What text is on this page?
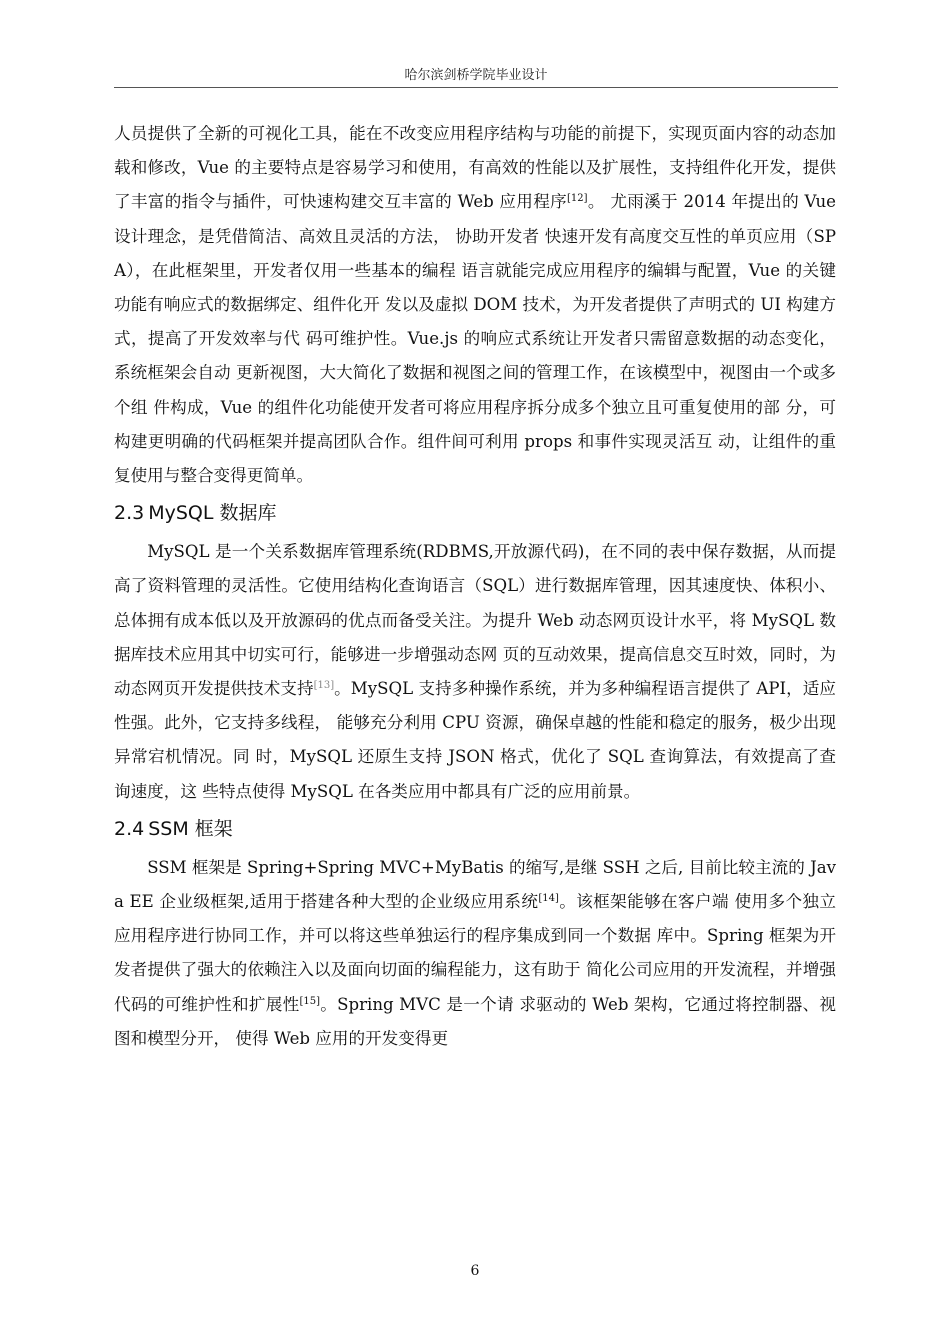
哈尔滨剑桥学院毕业设计

人员提供了全新的可视化工具，能在不改变应用程序结构与功能的前提下，实现页面内容的动态加载和修改，Vue 的主要特点是容易学习和使用，有高效的性能以及扩展性，支持组件化开发，提供了丰富的指令与插件，可快速构建交互丰富的 Web 应用程序[12]。 尤雨溪于 2014 年提出的 Vue 设计理念，是凭借简洁、高效且灵活的方法， 协助开发者 快速开发有高度交互性的单页应用（SPA），在此框架里，开发者仅用一些基本的编程 语言就能完成应用程序的编辑与配置，Vue 的关键功能有响应式的数据绑定、组件化开 发以及虚拟 DOM 技术，为开发者提供了声明式的 UI 构建方式，提高了开发效率与代 码可维护性。Vue.js 的响应式系统让开发者只需留意数据的动态变化，系统框架会自动 更新视图，大大简化了数据和视图之间的管理工作，在该模型中，视图由一个或多个组 件构成，Vue 的组件化功能使开发者可将应用程序拆分成多个独立且可重复使用的部 分，可构建更明确的代码框架并提高团队合作。组件间可利用 props 和事件实现灵活互 动，让组件的重复使用与整合变得更简单。

2.3 MySQL 数据库

MySQL 是一个关系数据库管理系统(RDBMS,开放源代码)，在不同的表中保存数据，从而提高了资料管理的灵活性。它使用结构化查询语言（SQL）进行数据库管理，因其速度快、体积小、总体拥有成本低以及开放源码的优点而备受关注。为提升 Web 动态网页设计水平，将 MySQL 数据库技术应用其中切实可行，能够进一步增强动态网 页的互动效果，提高信息交互时效，同时，为动态网页开发提供技术支持[13]。MySQL 支持多种操作系统，并为多种编程语言提供了 API，适应性强。此外，它支持多线程， 能够充分利用 CPU 资源，确保卓越的性能和稳定的服务，极少出现异常宕机情况。同 时，MySQL 还原生支持 JSON 格式，优化了 SQL 查询算法，有效提高了查询速度，这 些特点使得 MySQL 在各类应用中都具有广泛的应用前景。

2.4 SSM 框架

SSM 框架是 Spring+Spring MVC+MyBatis 的缩写,是继 SSH 之后, 目前比较主流的 Java EE 企业级框架,适用于搭建各种大型的企业级应用系统[14]。该框架能够在客户端 使用多个独立应用程序进行协同工作，并可以将这些单独运行的程序集成到同一个数据 库中。Spring 框架为开发者提供了强大的依赖注入以及面向切面的编程能力，这有助于 简化公司应用的开发流程，并增强代码的可维护性和扩展性[15]。Spring MVC 是一个请 求驱动的 Web 架构，它通过将控制器、视图和模型分开， 使得 Web 应用的开发变得更

6
